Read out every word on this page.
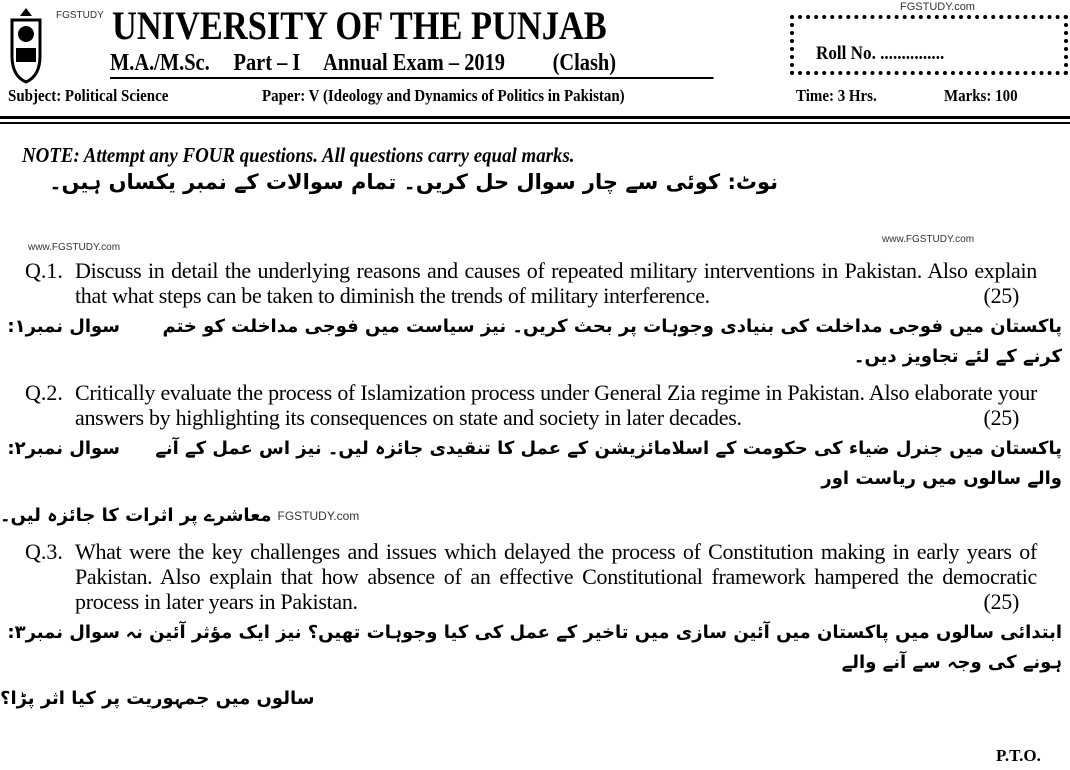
FGSTUDY UNIVERSITY OF THE PUNJAB
M.A./M.Sc. Part – I Annual Exam – 2019 (Clash)
FGSTUDY.com
Roll No. ...............
Subject: Political Science	Paper: V (Ideology and Dynamics of Politics in Pakistan)	Time: 3 Hrs.	Marks: 100
NOTE: Attempt any FOUR questions. All questions carry equal marks.
نوٹ: کوئی سے چار سوال حل کریں۔ تمام سوالات کے نمبر یکساں ہیں۔
www.FGSTUDY.com
www.FGSTUDY.com
Q.1. Discuss in detail the underlying reasons and causes of repeated military interventions in Pakistan. Also explain that what steps can be taken to diminish the trends of military interference.	(25)
سوال نمبر۱:	پاکستان میں فوجی مداخلت کی بنیادی وجوہات پر بحث کریں۔ نیز سیاست میں فوجی مداخلت کو ختم کرنے کے لئے تجاویز دیں۔
Q.2. Critically evaluate the process of Islamization process under General Zia regime in Pakistan. Also elaborate your answers by highlighting its consequences on state and society in later decades.	(25)
سوال نمبر۲:	پاکستان میں جنرل ضیاء کی حکومت کے اسلامائزیشن کے عمل کا تنقیدی جائزہ لیں۔ نیز اس عمل کے آنے والے سالوں میں ریاست اور
معاشرے پر اثرات کا جائزہ لیں۔ FGSTUDY.com
Q.3. What were the key challenges and issues which delayed the process of Constitution making in early years of Pakistan. Also explain that how absence of an effective Constitutional framework hampered the democratic process in later years in Pakistan.	(25)
سوال نمبر۳: ابتدائی سالوں میں پاکستان میں آئین سازی میں تاخیر کے عمل کی کیا وجوہات تھیں؟ نیز ایک مؤثر آئین نہ ہونے کی وجہ سے آنے والے
سالوں میں جمہوریت پر کیا اثر پڑا؟
P.T.O.
